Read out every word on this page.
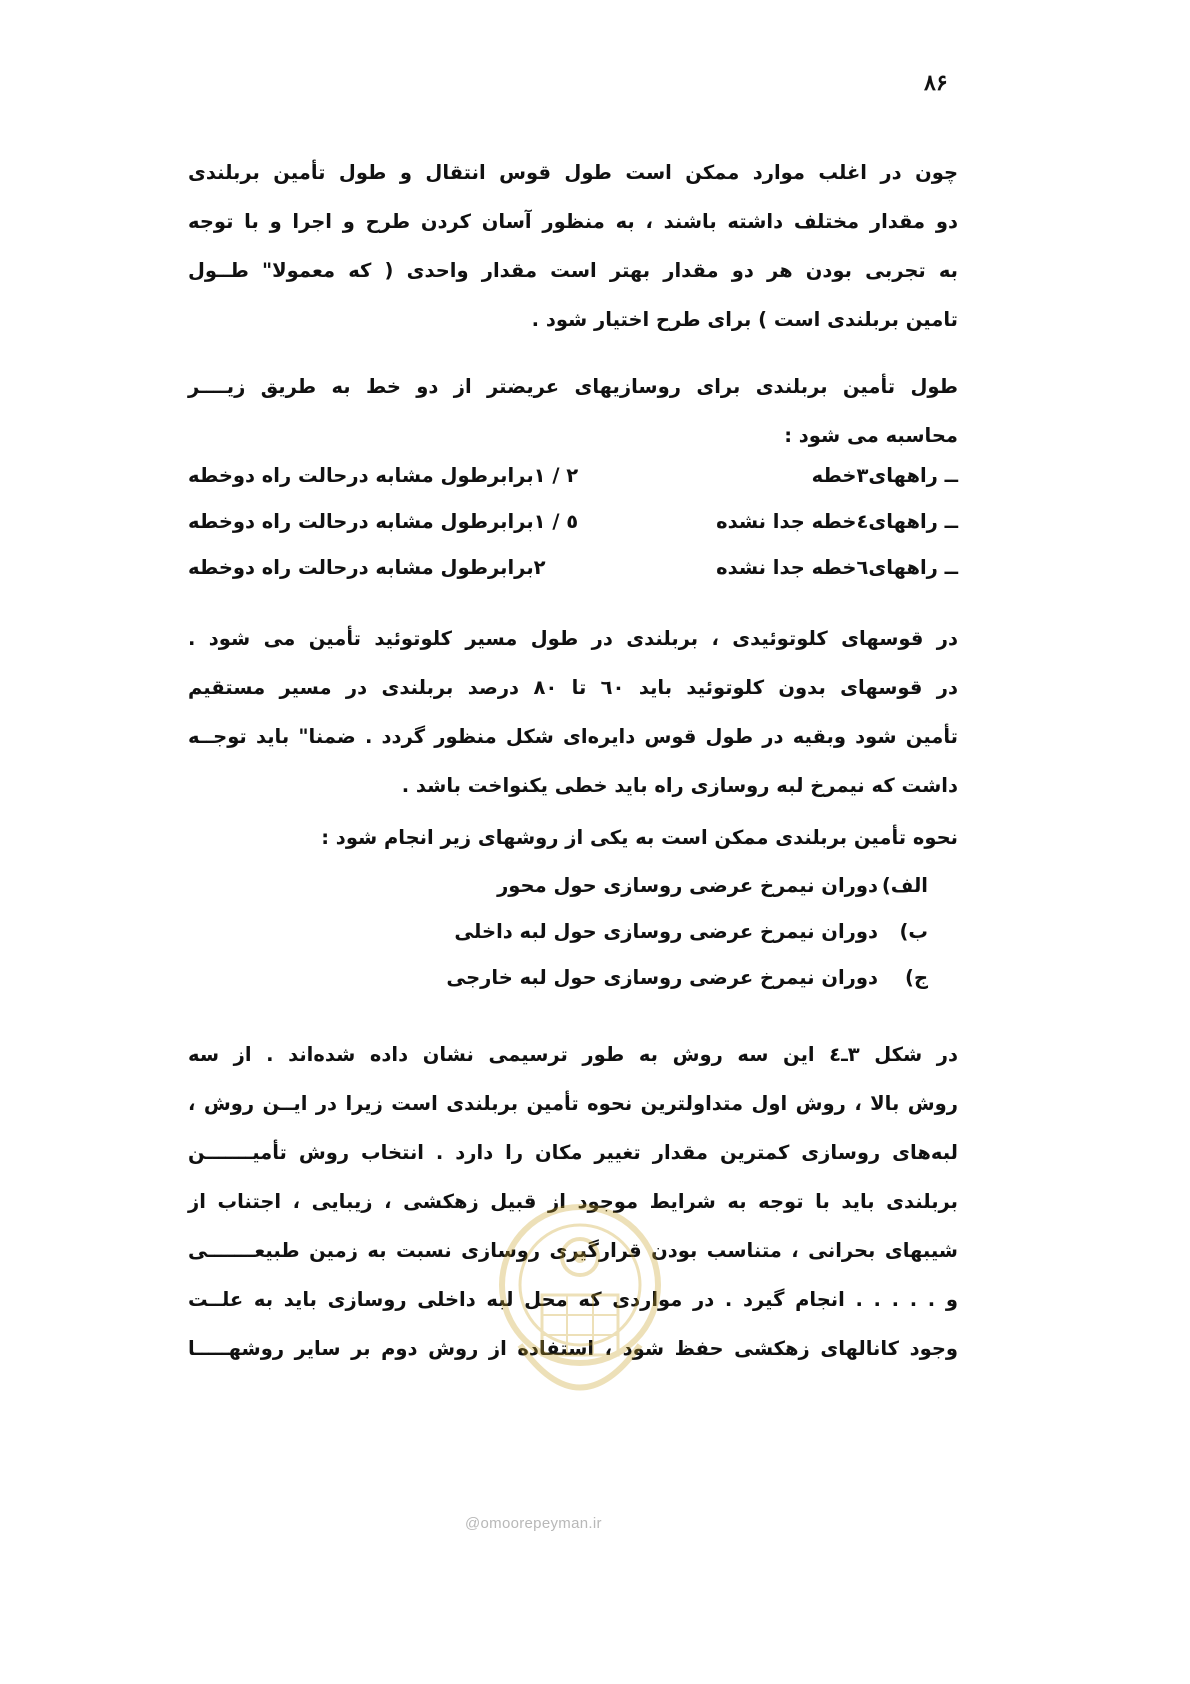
۸۶
چون در اغلب موارد ممکن است طول قوس انتقال و طول تأمین بربلندی
دو مقدار مختلف داشته باشند ، به منظور آسان کردن طرح و اجرا و با توجه
به تجربی بودن هر دو مقدار بهتر است مقدار واحدی ( که معمولا" طــول
تامین بربلندی است ) برای طرح اختیار شود .
طول تأمین بربلندی برای روسازیهای عریضتر از دو خط به طریق زیــــر
محاسبه می شود :
ــ راههای۳خطه
۲ / ۱برابرطول مشابه درحالت راه دوخطه
ــ راههای٤خطه جدا نشده
٥ / ۱برابرطول مشابه درحالت راه دوخطه
ــ راههای٦خطه جدا نشده
۲برابرطول مشابه درحالت راه دوخطه
در قوسهای کلوتوئیدی ، بربلندی در طول مسیر کلوتوئید تأمین می شود .
در قوسهای بدون کلوتوئید باید ٦۰ تا ۸۰ درصد بربلندی در مسیر مستقیم
تأمین شود وبقیه در طول قوس دایره‌ای شکل منظور گردد . ضمنا" باید توجــه
داشت که نیمرخ لبه روسازی راه باید خطی یکنواخت باشد .
نحوه تأمین بربلندی ممکن است به یکی از روشهای زیر انجام شود :
الف)دوران نیمرخ عرضی روسازی حول محور
ب)دوران نیمرخ عرضی روسازی حول لبه داخلی
ج)دوران نیمرخ عرضی روسازی حول لبه خارجی
در شکل ۳ـ٤ این سه روش به طور ترسیمی نشان داده شده‌اند . از سه
روش بالا ، روش اول متداولترین نحوه تأمین بربلندی است زیرا در ایــن روش ،
لبه‌های روسازی کمترین مقدار تغییر مکان را دارد . انتخاب روش تأمیـــــــن
بربلندی باید با توجه به شرایط موجود از قبیل زهکشی ، زیبایی ، اجتناب از
شیبهای بحرانی ، متناسب بودن قرارگیری روسازی نسبت به زمین طبیعـــــــی
و . . . . . انجام گیرد . در مواردی که محل لبه داخلی روسازی باید به علــت
وجود کانالهای زهکشی حفظ شود ، استفاده از روش دوم بر سایر روشهـــــا
@omoorepeyman.ir
